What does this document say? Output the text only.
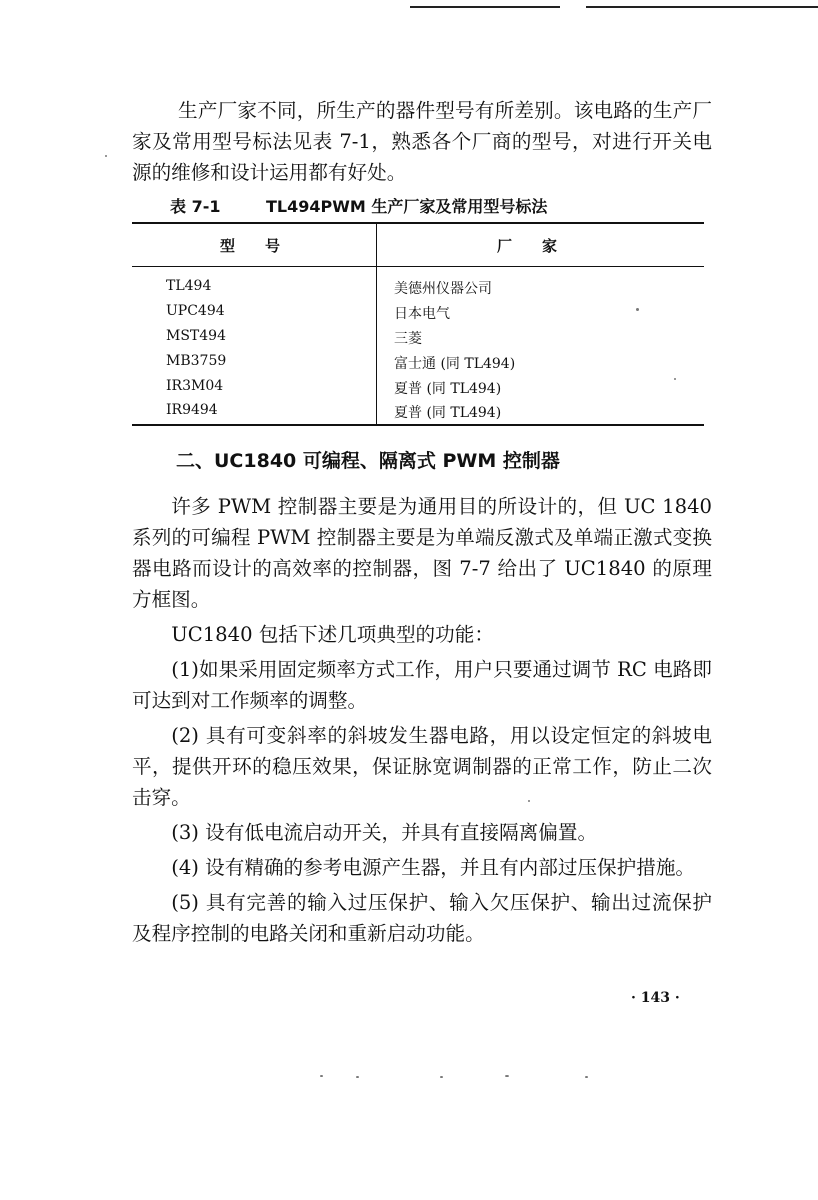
生产厂家不同，所生产的器件型号有所差别。该电路的生产厂家及常用型号标法见表 7-1，熟悉各个厂商的型号，对进行开关电源的维修和设计运用都有好处。

表 7-1	TL494PWM 生产厂家及常用型号标法
型　　号	厂　　家
TL494	美德州仪器公司
UPC494	日本电气
MST494	三菱
MB3759	富士通 (同 TL494)
IR3M04	夏普 (同 TL494)
IR9494	夏普 (同 TL494)
二、UC1840 可编程、隔离式 PWM 控制器

许多 PWM 控制器主要是为通用目的所设计的，但 UC 1840 系列的可编程 PWM 控制器主要是为单端反激式及单端正激式变换器电路而设计的高效率的控制器，图 7-7 给出了 UC1840 的原理方框图。

UC1840 包括下述几项典型的功能：

(1)如果采用固定频率方式工作，用户只要通过调节 RC 电路即可达到对工作频率的调整。

(2) 具有可变斜率的斜坡发生器电路，用以设定恒定的斜坡电平，提供开环的稳压效果，保证脉宽调制器的正常工作，防止二次击穿。

(3) 设有低电流启动开关，并具有直接隔离偏置。

(4) 设有精确的参考电源产生器，并且有内部过压保护措施。

(5) 具有完善的输入过压保护、输入欠压保护、输出过流保护及程序控制的电路关闭和重新启动功能。

· 143 ·
